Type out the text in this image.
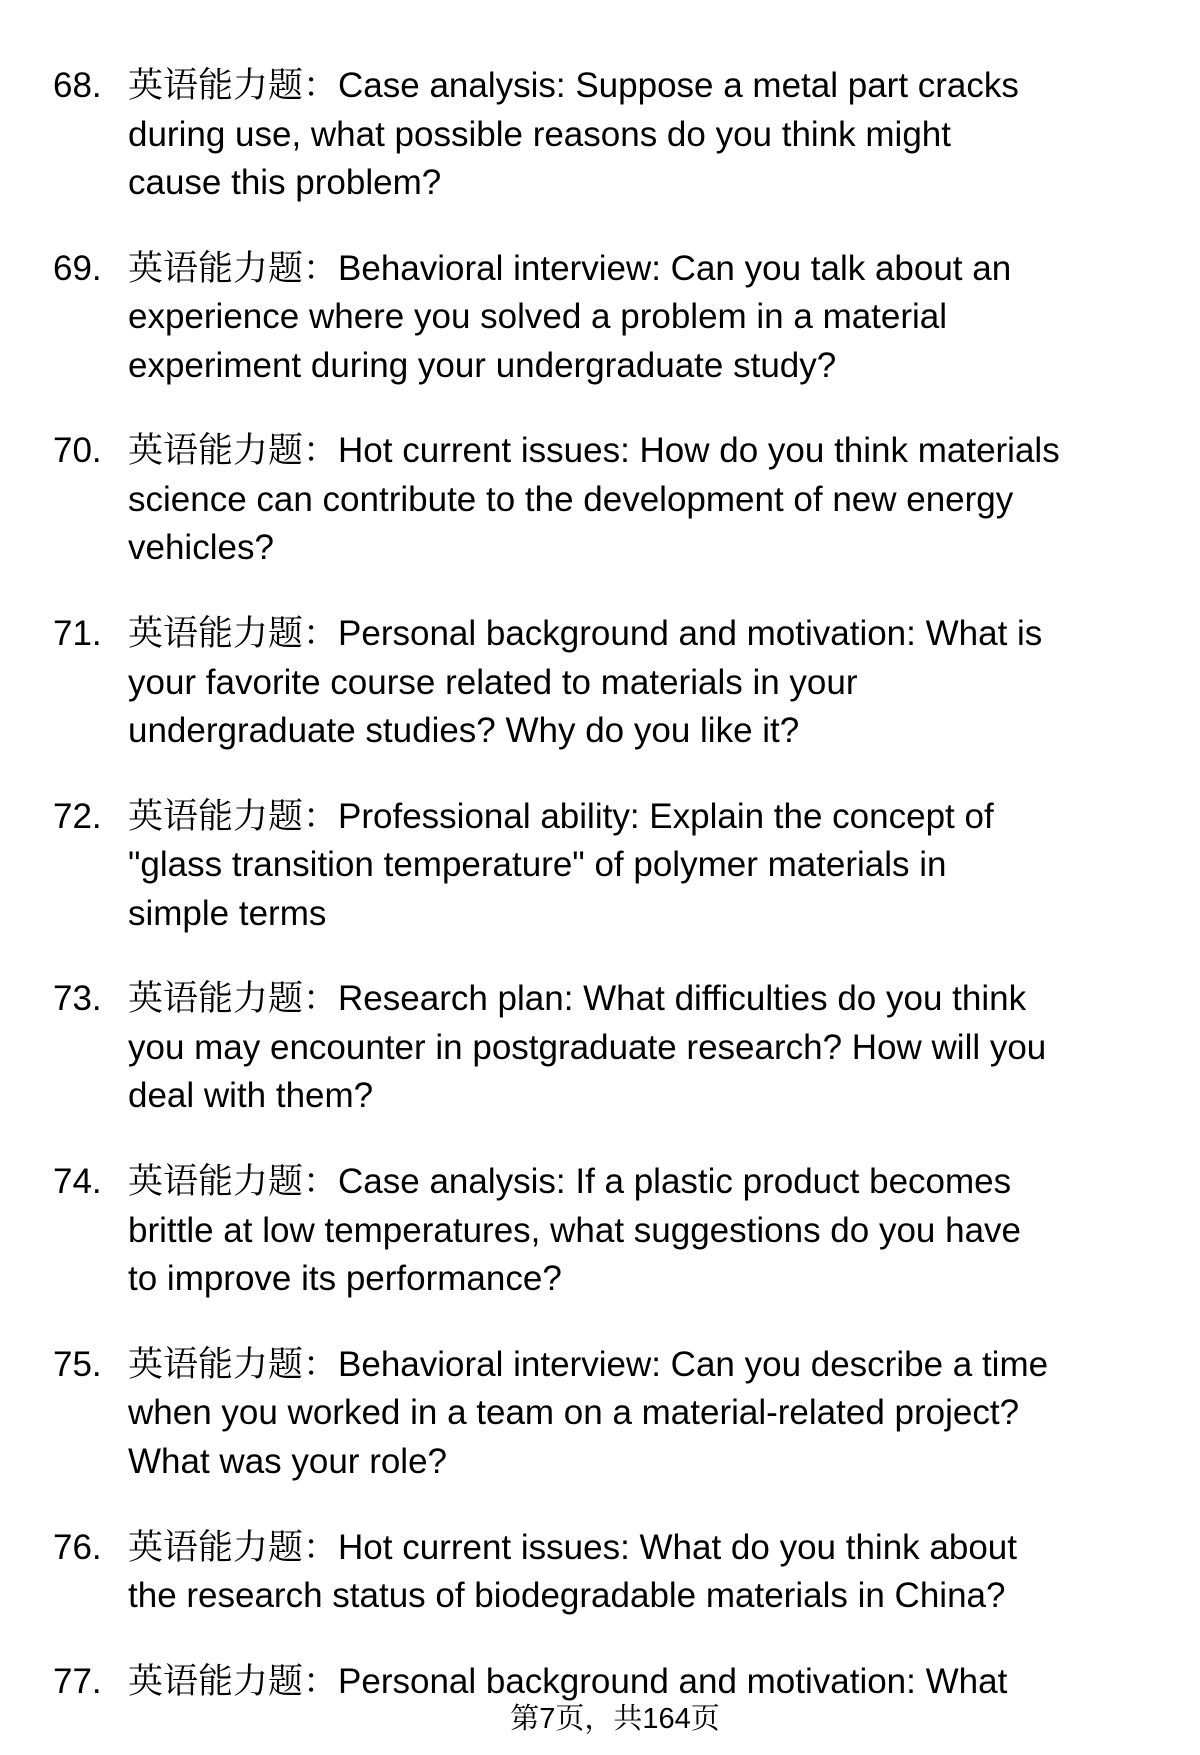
68. 英语能力题：Case analysis: Suppose a metal part cracks
during use, what possible reasons do you think might
cause this problem?
69. 英语能力题：Behavioral interview: Can you talk about an
experience where you solved a problem in a material
experiment during your undergraduate study?
70. 英语能力题：Hot current issues: How do you think materials
science can contribute to the development of new energy
vehicles?
71. 英语能力题：Personal background and motivation: What is
your favorite course related to materials in your
undergraduate studies? Why do you like it?
72. 英语能力题：Professional ability: Explain the concept of
"glass transition temperature" of polymer materials in
simple terms
73. 英语能力题：Research plan: What difficulties do you think
you may encounter in postgraduate research? How will you
deal with them?
74. 英语能力题：Case analysis: If a plastic product becomes
brittle at low temperatures, what suggestions do you have
to improve its performance?
75. 英语能力题：Behavioral interview: Can you describe a time
when you worked in a team on a material-related project?
What was your role?
76. 英语能力题：Hot current issues: What do you think about
the research status of biodegradable materials in China?
77. 英语能力题：Personal background and motivation: What
第7页，共164页
